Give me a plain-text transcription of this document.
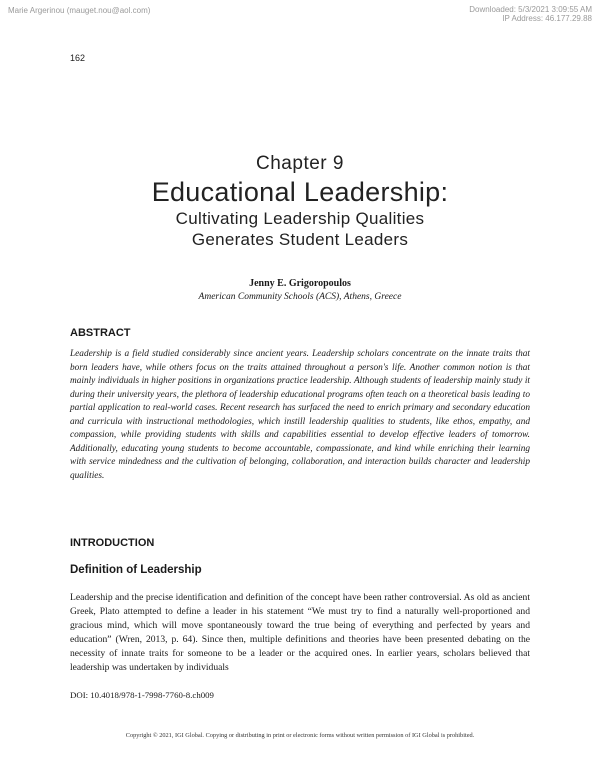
Marie Argerinou (mauget.nou@aol.com)	Downloaded: 5/3/2021 3:09:55 AM
IP Address: 46.177.29.88
162
Chapter 9
Educational Leadership:
Cultivating Leadership Qualities
Generates Student Leaders
Jenny E. Grigoropoulos
American Community Schools (ACS), Athens, Greece
ABSTRACT
Leadership is a field studied considerably since ancient years. Leadership scholars concentrate on the innate traits that born leaders have, while others focus on the traits attained throughout a person's life. Another common notion is that mainly individuals in higher positions in organizations practice leadership. Although students of leadership mainly study it during their university years, the plethora of leadership educational programs often teach on a theoretical basis leading to partial application to real-world cases. Recent research has surfaced the need to enrich primary and secondary education and curricula with instructional methodologies, which instill leadership qualities to students, like ethos, empathy, and compassion, while providing students with skills and capabilities essential to develop effective leaders of tomorrow. Additionally, educating young students to become accountable, compassionate, and kind while enriching their learning with service mindedness and the cultivation of belonging, collaboration, and interaction builds character and leadership qualities.
INTRODUCTION
Definition of Leadership
Leadership and the precise identification and definition of the concept have been rather controversial. As old as ancient Greek, Plato attempted to define a leader in his statement “We must try to find a naturally well-proportioned and gracious mind, which will move spontaneously toward the true being of everything and perfected by years and education” (Wren, 2013, p. 64). Since then, multiple definitions and theories have been presented debating on the necessity of innate traits for someone to be a leader or the acquired ones. In earlier years, scholars believed that leadership was undertaken by individuals
DOI: 10.4018/978-1-7998-7760-8.ch009
Copyright © 2021, IGI Global. Copying or distributing in print or electronic forms without written permission of IGI Global is prohibited.
